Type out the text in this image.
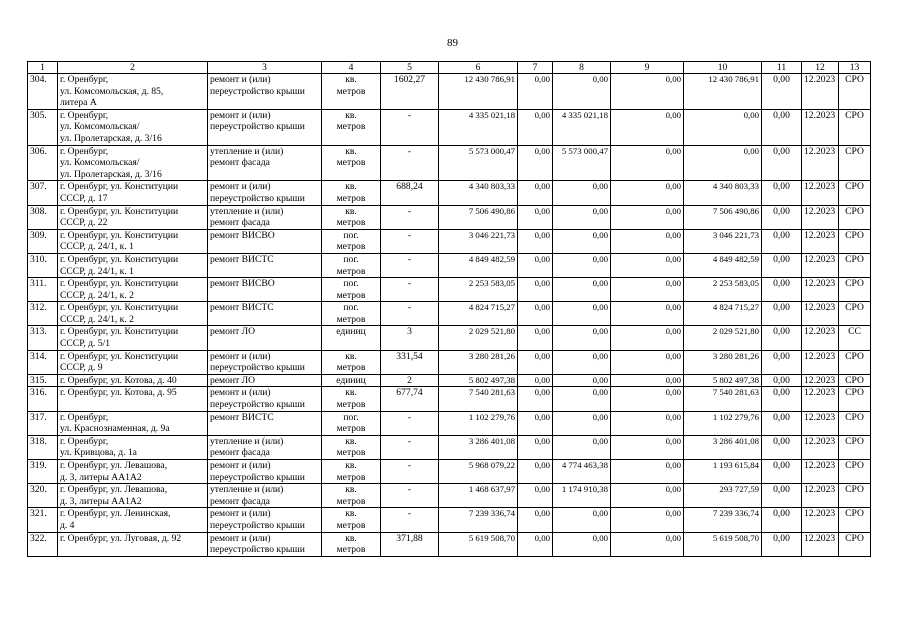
89
1	2	3	4	5	6	7	8	9	10	11	12	13
304.	г. Оренбург,
ул. Комсомольская, д. 85,
литера А	ремонт и (или)
переустройство крыши	кв.
метров	1602,27	12 430 786,91	0,00	0,00	0,00	12 430 786,91	0,00	12.2023	СРО
305.	г. Оренбург,
ул. Комсомольская/
ул. Пролетарская, д. 3/16	ремонт и (или)
переустройство крыши	кв.
метров	-	4 335 021,18	0,00	4 335 021,18	0,00	0,00	0,00	12.2023	СРО
306.	г. Оренбург,
ул. Комсомольская/
ул. Пролетарская, д. 3/16	утепление и (или)
ремонт фасада	кв.
метров	-	5 573 000,47	0,00	5 573 000,47	0,00	0,00	0,00	12.2023	СРО
307.	г. Оренбург, ул. Конституции
СССР, д. 17	ремонт и (или)
переустройство крыши	кв.
метров	688,24	4 340 803,33	0,00	0,00	0,00	4 340 803,33	0,00	12.2023	СРО
308.	г. Оренбург, ул. Конституции
СССР, д. 22	утепление и (или)
ремонт фасада	кв.
метров	-	7 506 490,86	0,00	0,00	0,00	7 506 490,86	0,00	12.2023	СРО
309.	г. Оренбург, ул. Конституции
СССР, д. 24/1, к. 1	ремонт ВИСВО	пог.
метров	-	3 046 221,73	0,00	0,00	0,00	3 046 221,73	0,00	12.2023	СРО
310.	г. Оренбург, ул. Конституции
СССР, д. 24/1, к. 1	ремонт ВИСТС	пог.
метров	-	4 849 482,59	0,00	0,00	0,00	4 849 482,59	0,00	12.2023	СРО
311.	г. Оренбург, ул. Конституции
СССР, д. 24/1, к. 2	ремонт ВИСВО	пог.
метров	-	2 253 583,05	0,00	0,00	0,00	2 253 583,05	0,00	12.2023	СРО
312.	г. Оренбург, ул. Конституции
СССР, д. 24/1, к. 2	ремонт ВИСТС	пог.
метров	-	4 824 715,27	0,00	0,00	0,00	4 824 715,27	0,00	12.2023	СРО
313.	г. Оренбург, ул. Конституции
СССР, д. 5/1	ремонт ЛО	единиц	3	2 029 521,80	0,00	0,00	0,00	2 029 521,80	0,00	12.2023	СС
314.	г. Оренбург, ул. Конституции
СССР, д. 9	ремонт и (или)
переустройство крыши	кв.
метров	331,54	3 280 281,26	0,00	0,00	0,00	3 280 281,26	0,00	12.2023	СРО
315.	г. Оренбург, ул. Котова, д. 40	ремонт ЛО	единиц	2	5 802 497,38	0,00	0,00	0,00	5 802 497,38	0,00	12.2023	СРО
316.	г. Оренбург, ул. Котова, д. 95	ремонт и (или)
переустройство крыши	кв.
метров	677,74	7 540 281,63	0,00	0,00	0,00	7 540 281,63	0,00	12.2023	СРО
317.	г. Оренбург,
ул. Краснознаменная, д. 9а	ремонт ВИСТС	пог.
метров	-	1 102 279,76	0,00	0,00	0,00	1 102 279,76	0,00	12.2023	СРО
318.	г. Оренбург,
ул. Кривцова, д. 1а	утепление и (или)
ремонт фасада	кв.
метров	-	3 286 401,08	0,00	0,00	0,00	3 286 401,08	0,00	12.2023	СРО
319.	г. Оренбург, ул. Левашова,
д. 3, литеры АА1А2	ремонт и (или)
переустройство крыши	кв.
метров	-	5 968 079,22	0,00	4 774 463,38	0,00	1 193 615,84	0,00	12.2023	СРО
320.	г. Оренбург, ул. Левашова,
д. 3, литеры АА1А2	утепление и (или)
ремонт фасада	кв.
метров	-	1 468 637,97	0,00	1 174 910,38	0,00	293 727,59	0,00	12.2023	СРО
321.	г. Оренбург, ул. Ленинская,
д. 4	ремонт и (или)
переустройство крыши	кв.
метров	-	7 239 336,74	0,00	0,00	0,00	7 239 336,74	0,00	12.2023	СРО
322.	г. Оренбург, ул. Луговая, д. 92	ремонт и (или)
переустройство крыши	кв.
метров	371,88	5 619 508,70	0,00	0,00	0,00	5 619 508,70	0,00	12.2023	СРО
